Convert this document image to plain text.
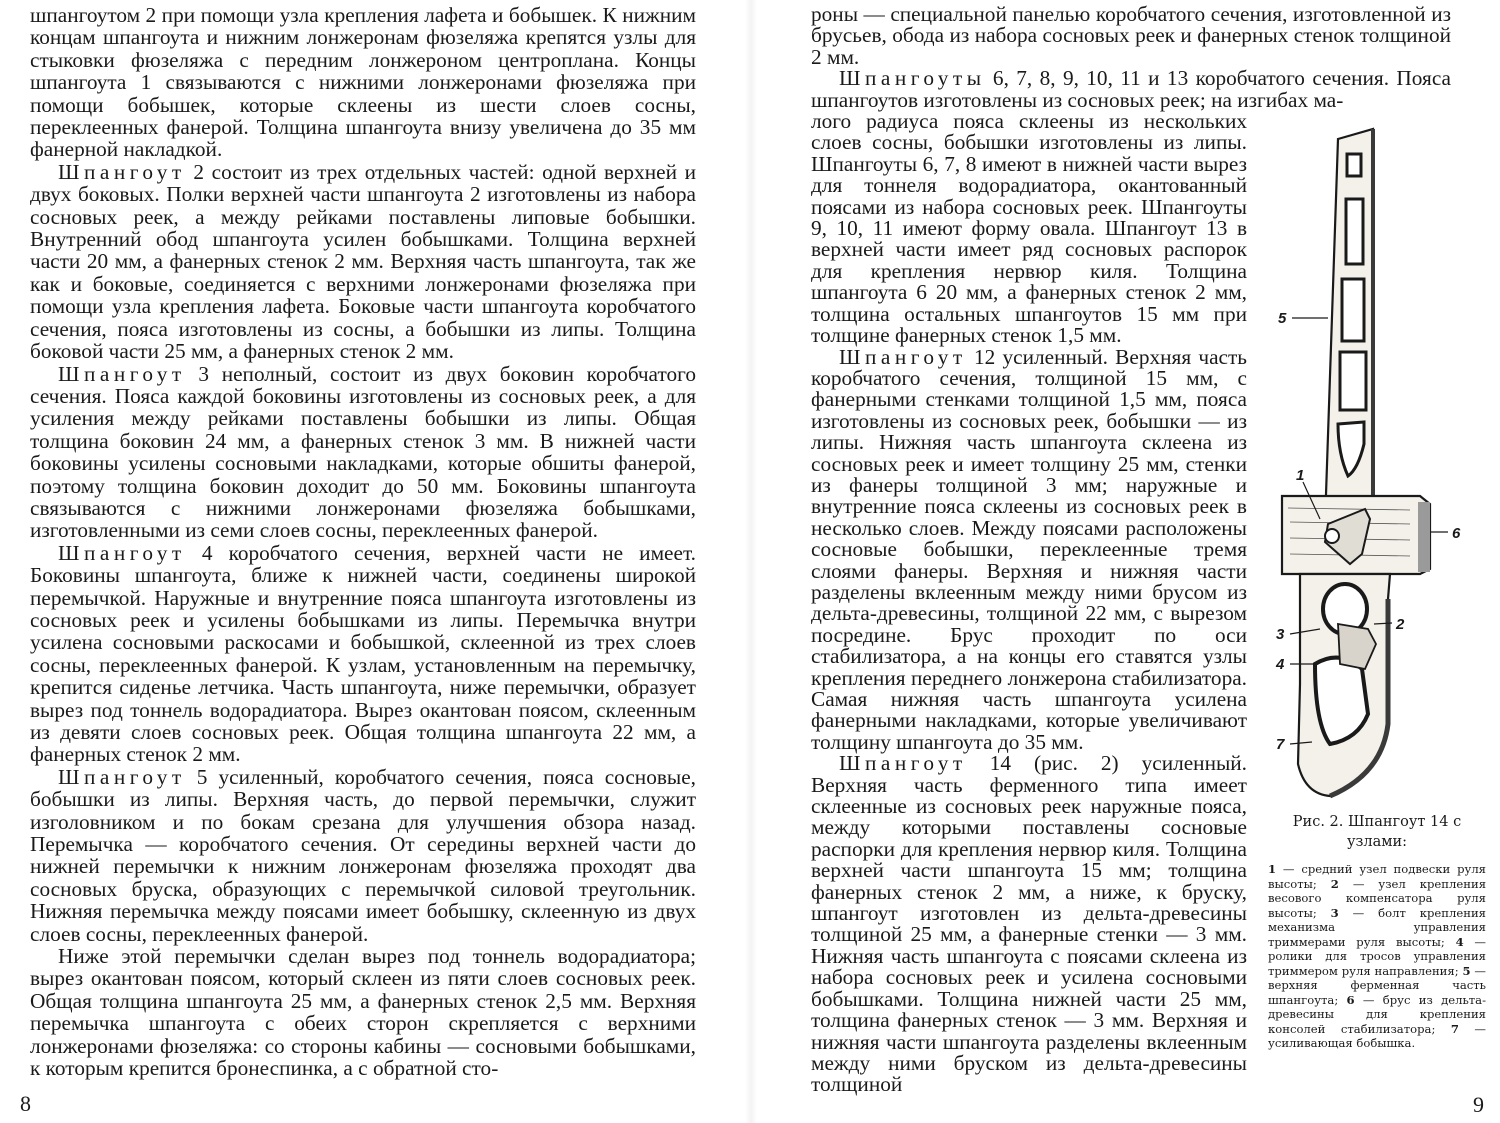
шпангоутом 2 при помощи узла крепления лафета и бобышек. К нижним концам шпангоута и нижним лонжеронам фюзеляжа крепятся узлы для стыковки фюзеляжа с передним лонжероном центроплана. Концы шпангоута 1 связываются с нижними лонжеронами фюзеляжа при помощи бобышек, которые склеены из шести слоев сосны, переклеенных фанерой. Толщина шпангоута внизу увеличена до 35 мм фанерной накладкой.

Шпангоут 2 состоит из трех отдельных частей: одной верхней и двух боковых. Полки верхней части шпангоута 2 изготовлены из набора сосновых реек, а между рейками поставлены липовые бобышки. Внутренний обод шпангоута усилен бобышками. Толщина верхней части 20 мм, а фанерных стенок 2 мм. Верхняя часть шпангоута, так же как и боковые, соединяется с верхними лонжеронами фюзеляжа при помощи узла крепления лафета. Боковые части шпангоута коробчатого сечения, пояса изготовлены из сосны, а бобышки из липы. Толщина боковой части 25 мм, а фанерных стенок 2 мм.

Шпангоут 3 неполный, состоит из двух боковин коробчатого сечения. Пояса каждой боковины изготовлены из сосновых реек, а для усиления между рейками поставлены бобышки из липы. Общая толщина боковин 24 мм, а фанерных стенок 3 мм. В нижней части боковины усилены сосновыми накладками, которые обшиты фанерой, поэтому толщина боковин доходит до 50 мм. Боковины шпангоута связываются с нижними лонжеронами фюзеляжа бобышками, изготовленными из семи слоев сосны, переклеенных фанерой.

Шпангоут 4 коробчатого сечения, верхней части не имеет. Боковины шпангоута, ближе к нижней части, соединены широкой перемычкой. Наружные и внутренние пояса шпангоута изготовлены из сосновых реек и усилены бобышками из липы. Перемычка внутри усилена сосновыми раскосами и бобышкой, склеенной из трех слоев сосны, переклеенных фанерой. К узлам, установленным на перемычку, крепится сиденье летчика. Часть шпангоута, ниже перемычки, образует вырез под тоннель водорадиатора. Вырез окантован поясом, склеенным из девяти слоев сосновых реек. Общая толщина шпангоута 22 мм, а фанерных стенок 2 мм.

Шпангоут 5 усиленный, коробчатого сечения, пояса сосновые, бобышки из липы. Верхняя часть, до первой перемычки, служит изголовником и по бокам срезана для улучшения обзора назад. Перемычка — коробчатого сечения. От середины верхней части до нижней перемычки к нижним лонжеронам фюзеляжа проходят два сосновых бруска, образующих с перемычкой силовой треугольник. Нижняя перемычка между поясами имеет бобышку, склеенную из двух слоев сосны, переклеенных фанерой.

Ниже этой перемычки сделан вырез под тоннель водорадиатора; вырез окантован поясом, который склеен из пяти слоев сосновых реек. Общая толщина шпангоута 25 мм, а фанерных стенок 2,5 мм. Верхняя перемычка шпангоута с обеих сторон скрепляется с верхними лонжеронами фюзеляжа: со стороны кабины — сосновыми бобышками, к которым крепится бронеспинка, а с обратной сто-

8

роны — специальной панелью коробчатого сечения, изготовленной из брусьев, обода из набора сосновых реек и фанерных стенок толщиной 2 мм.

Шпангоуты 6, 7, 8, 9, 10, 11 и 13 коробчатого сечения. Пояса шпангоутов изготовлены из сосновых реек; на изгибах ма-

лого радиуса пояса склеены из нескольких слоев сосны, бобышки изготовлены из липы. Шпангоуты 6, 7, 8 имеют в нижней части вырез для тоннеля водорадиатора, окантованный поясами из набора сосновых реек. Шпангоуты 9, 10, 11 имеют форму овала. Шпангоут 13 в верхней части имеет ряд сосновых распорок для крепления нервюр киля. Толщина шпангоута 6 20 мм, а фанерных стенок 2 мм, толщина остальных шпангоутов 15 мм при толщине фанерных стенок 1,5 мм.

Шпангоут 12 усиленный. Верхняя часть коробчатого сечения, толщиной 15 мм, с фанерными стенками толщиной 1,5 мм, пояса изготовлены из сосновых реек, бобышки — из липы. Нижняя часть шпангоута склеена из сосновых реек и имеет толщину 25 мм, стенки из фанеры толщиной 3 мм; наружные и внутренние пояса склеены из сосновых реек в несколько слоев. Между поясами расположены сосновые бобышки, переклеенные тремя слоями фанеры. Верхняя и нижняя части разделены вклеенным между ними брусом из дельта-древесины, толщиной 22 мм, с вырезом посредине. Брус проходит по оси стабилизатора, а на концы его ставятся узлы крепления переднего лонжерона стабилизатора. Самая нижняя часть шпангоута усилена фанерными накладками, которые увеличивают толщину шпангоута до 35 мм.

Шпангоут 14 (рис. 2) усиленный. Верхняя часть ферменного типа имеет склеенные из сосновых реек наружные пояса, между которыми поставлены сосновые распорки для крепления нервюр киля. Толщина верхней части шпангоута 15 мм; толщина фанерных стенок 2 мм, а ниже, к бруску, шпангоут изготовлен из дельта-древесины толщиной 25 мм, а фанерные стенки — 3 мм. Нижняя часть шпангоута с поясами склеена из набора сосновых реек и усилена сосновыми бобышками. Толщина нижней части 25 мм, толщина фанерных стенок — 3 мм. Верхняя и нижняя части шпангоута разделены вклеенным между ними бруском из дельта-древесины толщиной

5
1
2
3
4
7
6

Рис. 2. Шпангоут 14 с узлами:

1 — средний узел подвески руля высоты; 2 — узел крепления весового компенсатора руля высоты; 3 — болт крепления механизма управления триммерами руля высоты; 4 — ролики для тросов управления триммером руля направления; 5 — верхняя ферменная часть шпангоута; 6 — брус из дельта-древесины для крепления консолей стабилизатора; 7 — усиливающая бобышка.

9
